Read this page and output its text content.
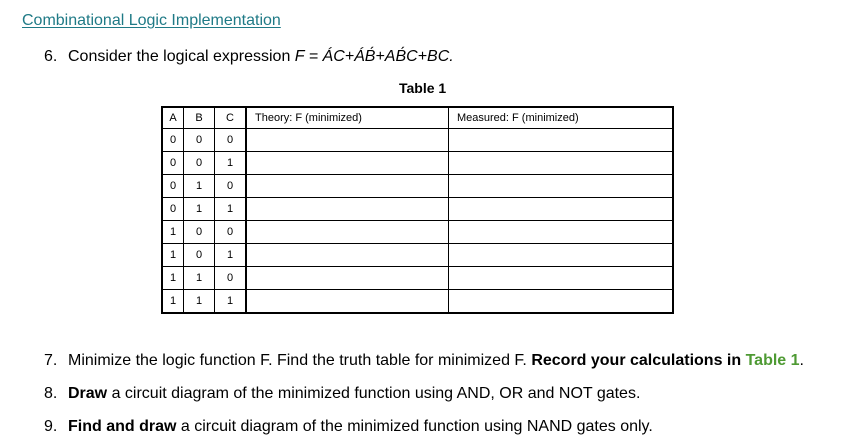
Combinational Logic Implementation
6. Consider the logical expression F = ÁC+ÁB́+AB́C+BC.
Table 1
A	B	C	Theory: F (minimized)	Measured: F (minimized)
0	0	0		
0	0	1		
0	1	0		
0	1	1		
1	0	0		
1	0	1		
1	1	0		
1	1	1		
7. Minimize the logic function F. Find the truth table for minimized F. Record your calculations in Table 1.
8. Draw a circuit diagram of the minimized function using AND, OR and NOT gates.
9. Find and draw a circuit diagram of the minimized function using NAND gates only.
